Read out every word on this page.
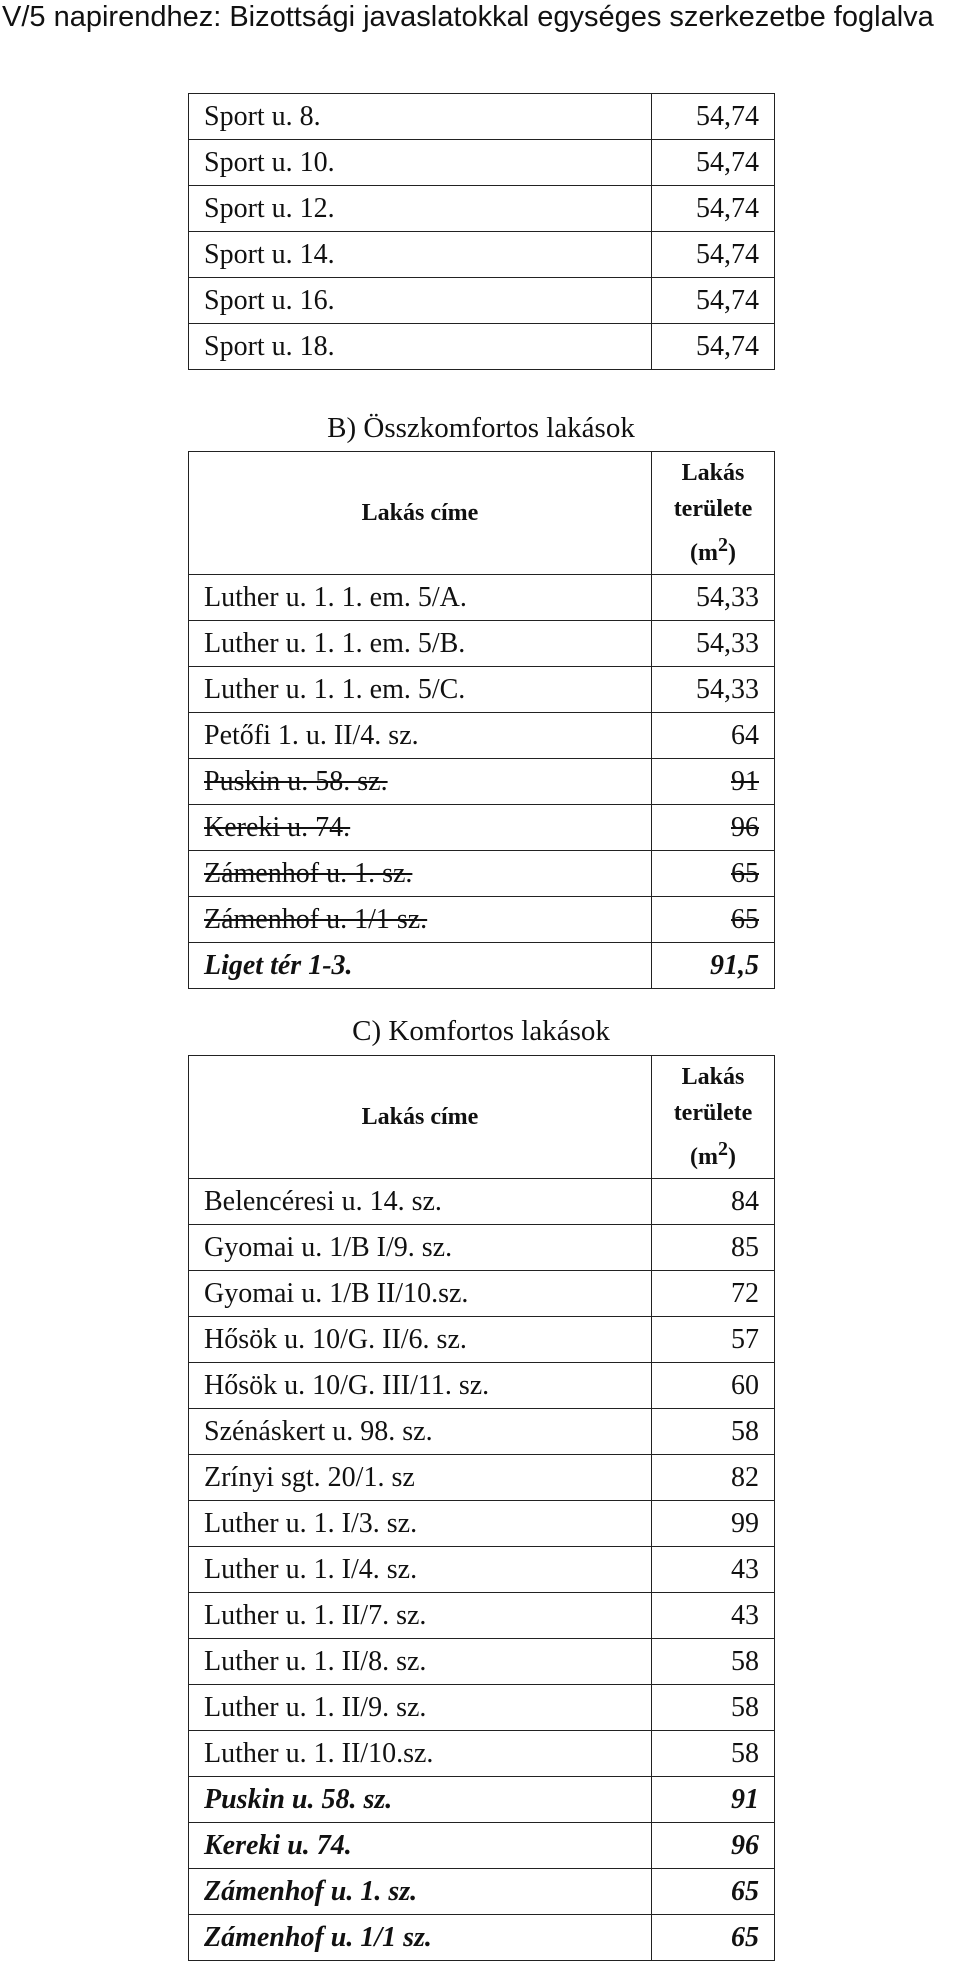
V/5 napirendhez: Bizottsági javaslatokkal egységes szerkezetbe foglalva
Sport u. 8.	54,74
Sport u. 10.	54,74
Sport u. 12.	54,74
Sport u. 14.	54,74
Sport u. 16.	54,74
Sport u. 18.	54,74
B) Összkomfortos lakások
Lakás címe	Lakás
területe
$(m^2)$
Luther u. 1. 1. em. 5/A.	54,33
Luther u. 1. 1. em. 5/B.	54,33
Luther u. 1. 1. em. 5/C.	54,33
Petőfi 1. u. II/4. sz.	64
Puskin u. 58. sz.	91
Kereki u. 74.	96
Zámenhof u. 1. sz.	65
Zámenhof u. 1/1 sz.	65
Liget tér 1-3.	91,5
C) Komfortos lakások
Lakás címe	Lakás
területe
$(m^2)$
Belencéresi u. 14. sz.	84
Gyomai u. 1/B I/9. sz.	85
Gyomai u. 1/B II/10.sz.	72
Hősök u. 10/G. II/6. sz.	57
Hősök u. 10/G. III/11. sz.	60
Szénáskert u. 98. sz.	58
Zrínyi sgt. 20/1. sz	82
Luther u. 1. I/3. sz.	99
Luther u. 1. I/4. sz.	43
Luther u. 1. II/7. sz.	43
Luther u. 1. II/8. sz.	58
Luther u. 1. II/9. sz.	58
Luther u. 1. II/10.sz.	58
Puskin u. 58. sz.	91
Kereki u. 74.	96
Zámenhof u. 1. sz.	65
Zámenhof u. 1/1 sz.	65
